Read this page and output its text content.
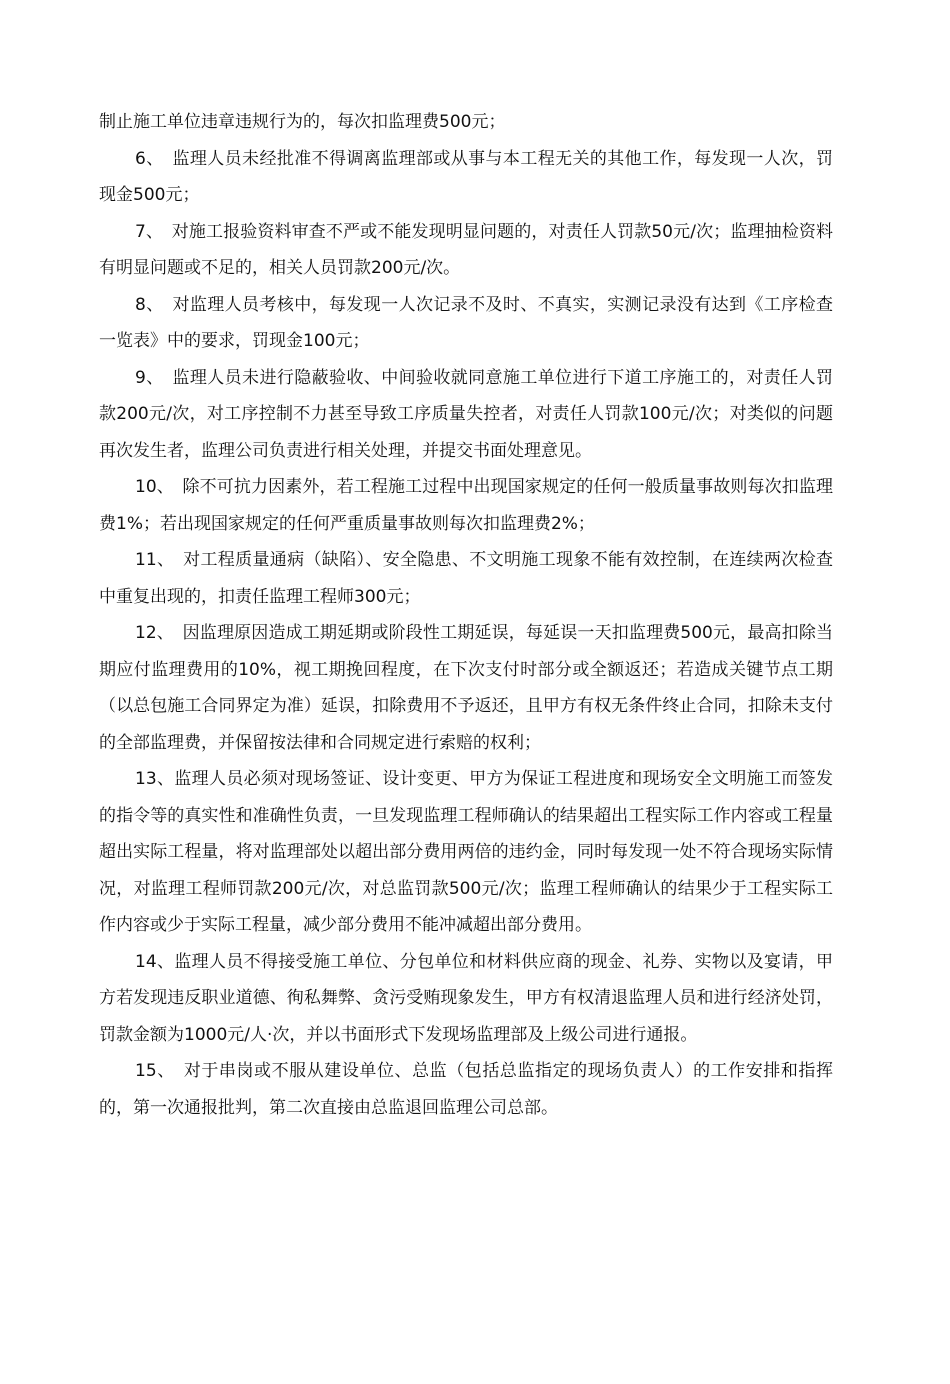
制止施工单位违章违规行为的，每次扣监理费500元；

6、　监理人员未经批准不得调离监理部或从事与本工程无关的其他工作，每发现一人次，罚现金500元；

7、　对施工报验资料审查不严或不能发现明显问题的，对责任人罚款50元/次；监理抽检资料有明显问题或不足的，相关人员罚款200元/次。

8、　对监理人员考核中，每发现一人次记录不及时、不真实，实测记录没有达到《工序检查一览表》中的要求，罚现金100元；

9、　监理人员未进行隐蔽验收、中间验收就同意施工单位进行下道工序施工的，对责任人罚款200元/次，对工序控制不力甚至导致工序质量失控者，对责任人罚款100元/次；对类似的问题再次发生者，监理公司负责进行相关处理，并提交书面处理意见。

10、　除不可抗力因素外，若工程施工过程中出现国家规定的任何一般质量事故则每次扣监理费1%；若出现国家规定的任何严重质量事故则每次扣监理费2%；

11、　对工程质量通病（缺陷）、安全隐患、不文明施工现象不能有效控制，在连续两次检查中重复出现的，扣责任监理工程师300元；

12、　因监理原因造成工期延期或阶段性工期延误，每延误一天扣监理费500元，最高扣除当期应付监理费用的10%，视工期挽回程度，在下次支付时部分或全额返还；若造成关键节点工期（以总包施工合同界定为准）延误，扣除费用不予返还，且甲方有权无条件终止合同，扣除未支付的全部监理费，并保留按法律和合同规定进行索赔的权利；

13、监理人员必须对现场签证、设计变更、甲方为保证工程进度和现场安全文明施工而签发的指令等的真实性和准确性负责，一旦发现监理工程师确认的结果超出工程实际工作内容或工程量超出实际工程量，将对监理部处以超出部分费用两倍的违约金，同时每发现一处不符合现场实际情况，对监理工程师罚款200元/次，对总监罚款500元/次；监理工程师确认的结果少于工程实际工作内容或少于实际工程量，减少部分费用不能冲减超出部分费用。

14、监理人员不得接受施工单位、分包单位和材料供应商的现金、礼券、实物以及宴请，甲方若发现违反职业道德、徇私舞弊、贪污受贿现象发生，甲方有权清退监理人员和进行经济处罚，罚款金额为1000元/人·次，并以书面形式下发现场监理部及上级公司进行通报。

15、　对于串岗或不服从建设单位、总监（包括总监指定的现场负责人）的工作安排和指挥的，第一次通报批判，第二次直接由总监退回监理公司总部。
